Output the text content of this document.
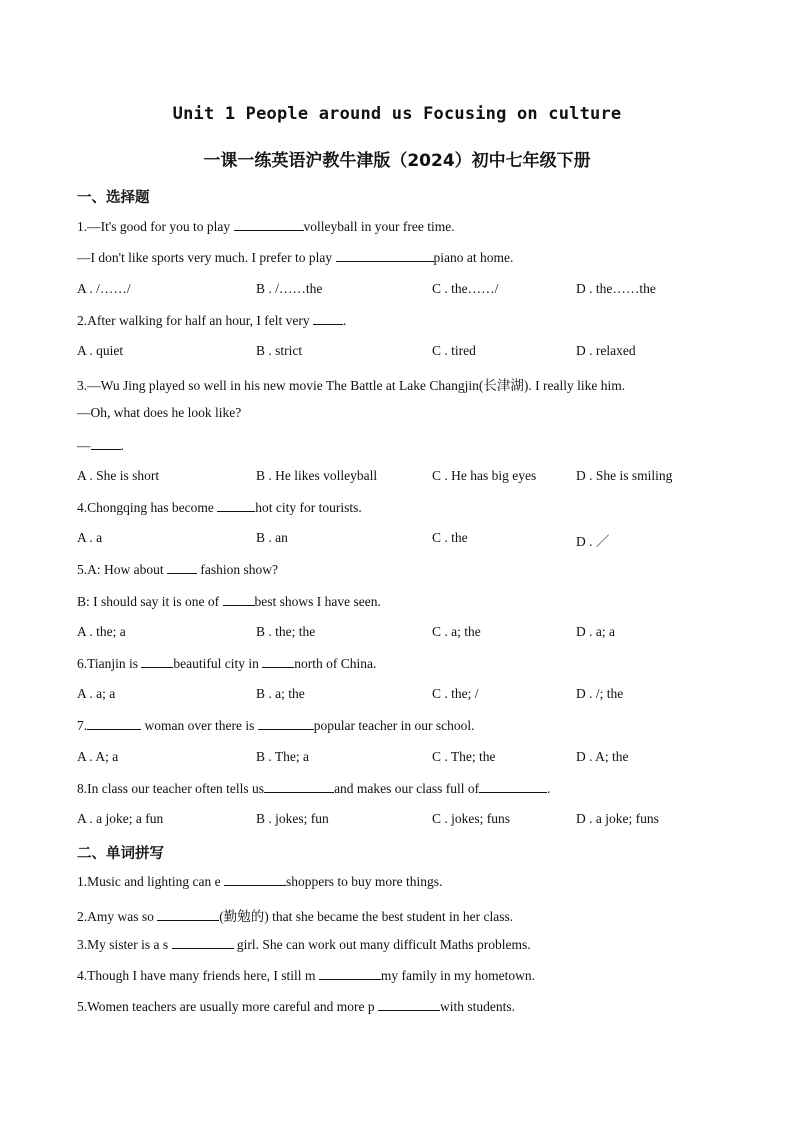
Unit 1 People around us Focusing on culture
一课一练英语沪教牛津版（2024）初中七年级下册
一、选择题
1.—It's good for you to play	volleyball in your free time.
—I don't like sports very much. I prefer to play	piano at home.
A . /……/	B . /……the	C . the……/	D . the……the
2.After walking for half an hour, I felt very .
A . quiet	B . strict	C . tired	D . relaxed
3.—Wu Jing played so well in his new movie The Battle at Lake Changjin(长津湖). I really like him.
—Oh, what does he look like?
— .
A . She is short	B . He likes volleyball	C . He has big eyes	D . She is smiling
4.Chongqing has become	hot city for tourists.
A . a	B . an	C . the	D . ／
5.A: How about  fashion show?
B: I should say it is one of best shows I have seen.
A . the; a	B . the; the	C . a; the	D . a; a
6.Tianjin is beautiful city in north of China.
A . a; a	B . a; the	C . the; /	D . /; the
7.	woman over there is	popular teacher in our school.
A . A; a	B . The; a	C . The; the	D . A; the
8.In class our teacher often tells us	and makes our class full of	.
A . a joke; a fun	B . jokes; fun	C . jokes; funs	D . a joke; funs
二、单词拼写
1.Music and lighting can e	shoppers to buy more things.
2.Amy was so	(勤勉的) that she became the best student in her class.
3.My sister is a s	girl. She can work out many difficult Maths problems.
4.Though I have many friends here, I still m	my family in my hometown.
5.Women teachers are usually more careful and more p	with students.
